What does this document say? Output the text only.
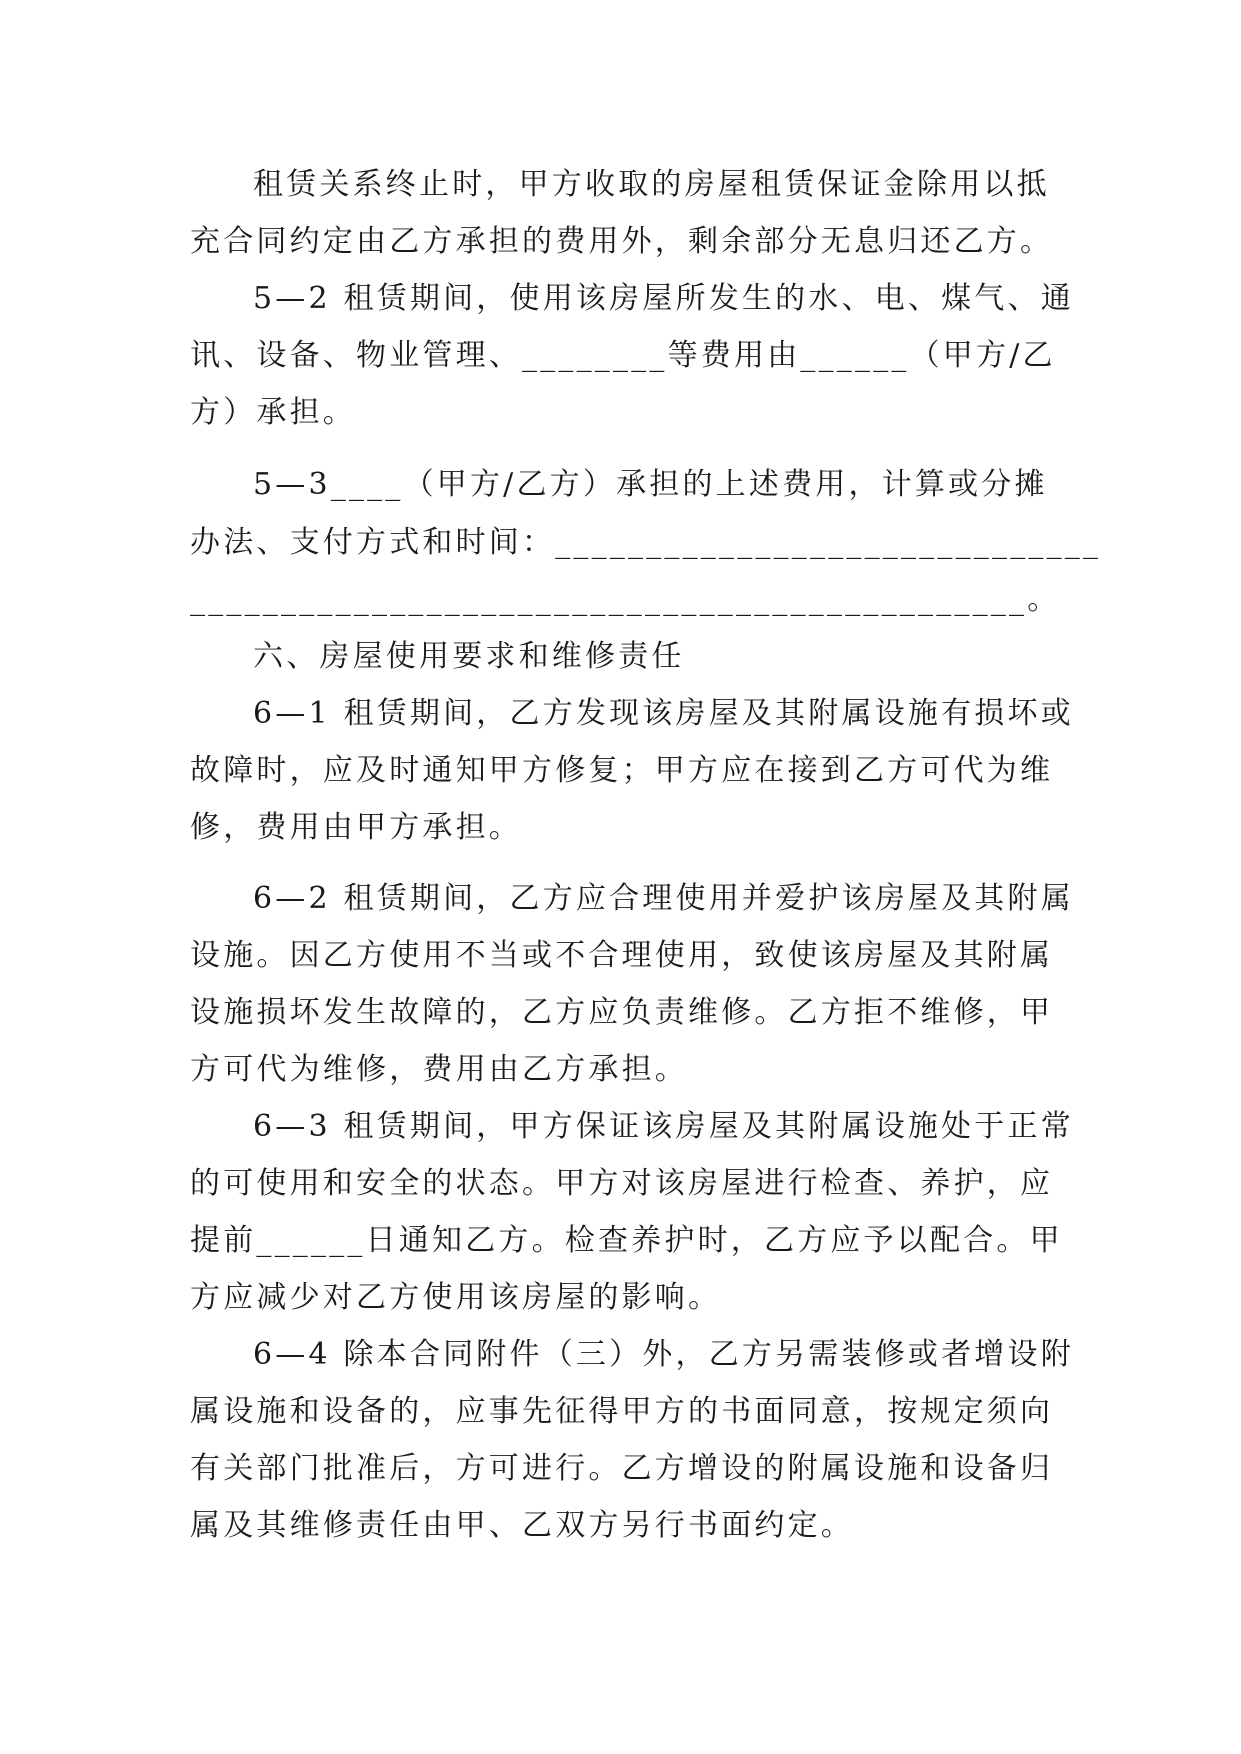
租赁关系终止时，甲方收取的房屋租赁保证金除用以抵
充合同约定由乙方承担的费用外，剩余部分无息归还乙方。
5—2 租赁期间，使用该房屋所发生的水、电、煤气、通
讯、设备、物业管理、________等费用由______（甲方/乙
方）承担。
5—3____（甲方/乙方）承担的上述费用，计算或分摊
办法、支付方式和时间：______________________________
______________________________________________。
六、房屋使用要求和维修责任
6—1 租赁期间，乙方发现该房屋及其附属设施有损坏或
故障时，应及时通知甲方修复；甲方应在接到乙方可代为维
修，费用由甲方承担。
6—2 租赁期间，乙方应合理使用并爱护该房屋及其附属
设施。因乙方使用不当或不合理使用，致使该房屋及其附属
设施损坏发生故障的，乙方应负责维修。乙方拒不维修，甲
方可代为维修，费用由乙方承担。
6—3 租赁期间，甲方保证该房屋及其附属设施处于正常
的可使用和安全的状态。甲方对该房屋进行检查、养护，应
提前______日通知乙方。检查养护时，乙方应予以配合。甲
方应减少对乙方使用该房屋的影响。
6—4 除本合同附件（三）外，乙方另需装修或者增设附
属设施和设备的，应事先征得甲方的书面同意，按规定须向
有关部门批准后，方可进行。乙方增设的附属设施和设备归
属及其维修责任由甲、乙双方另行书面约定。
